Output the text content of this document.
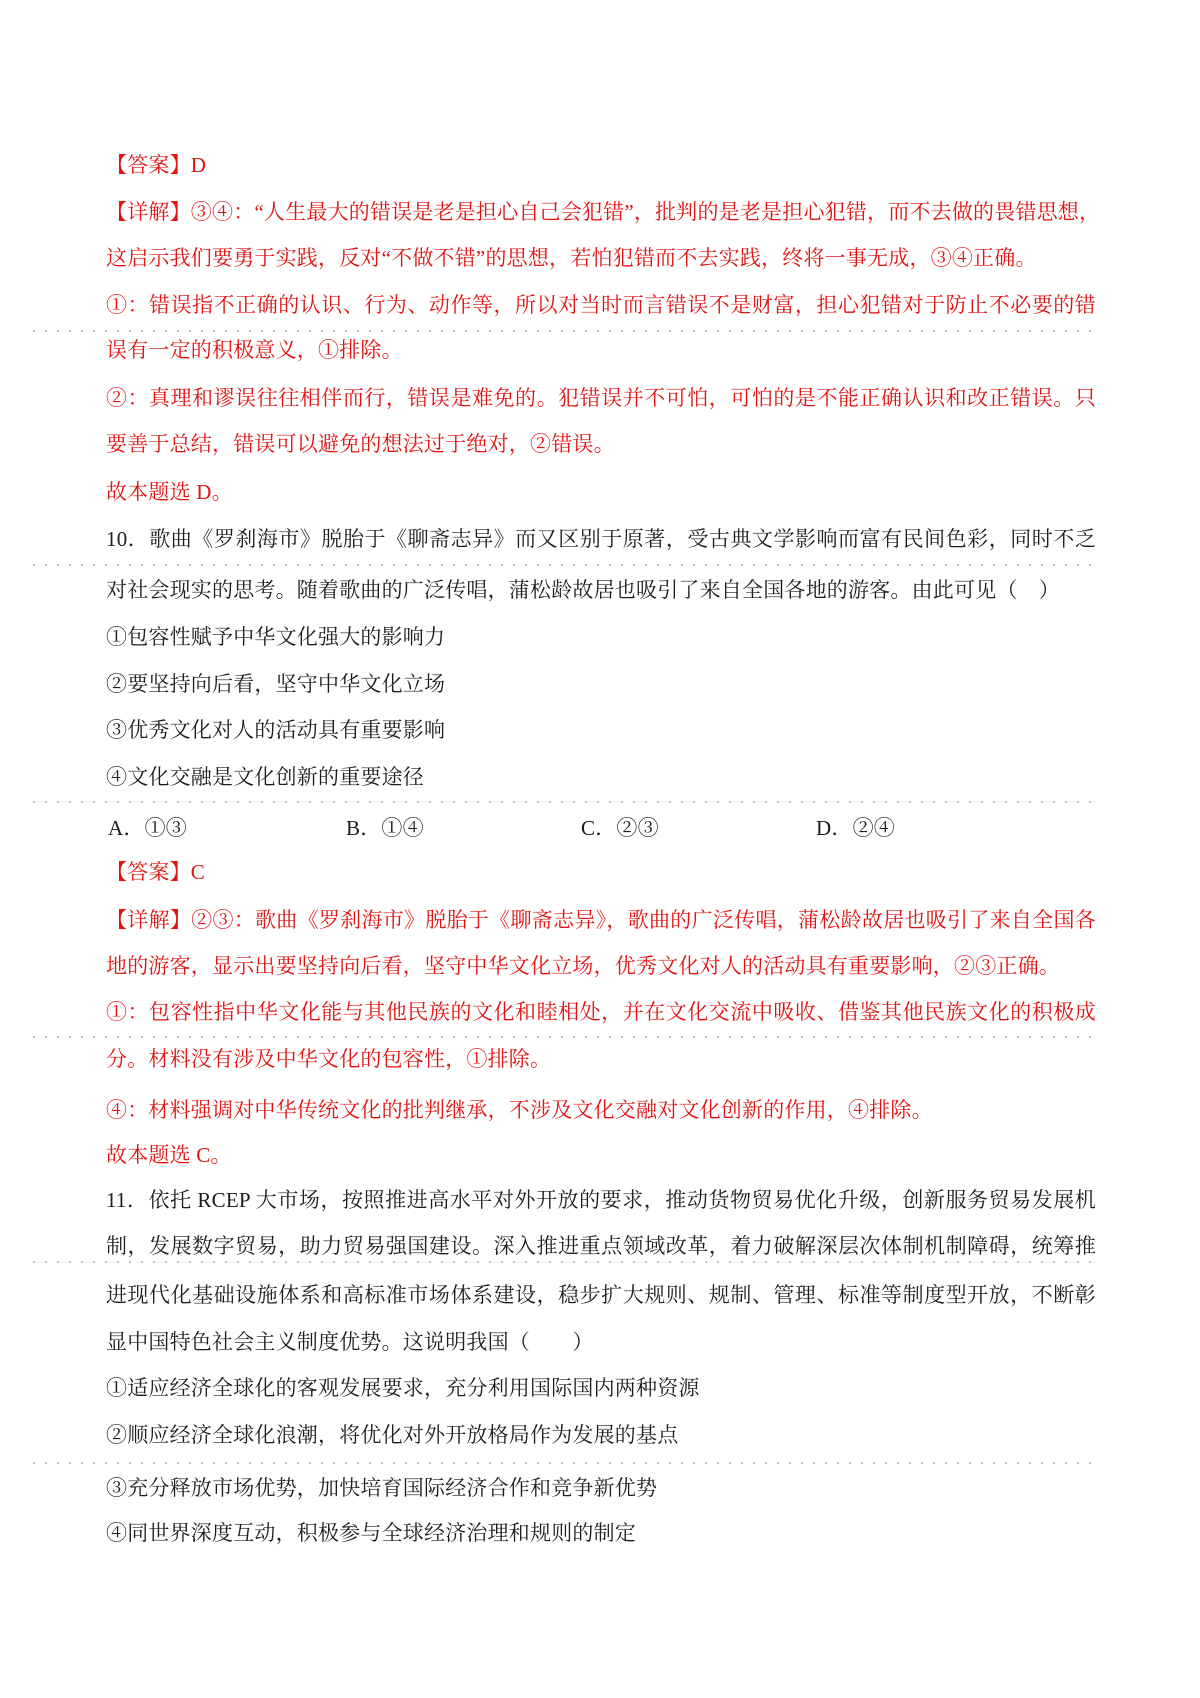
【答案】D
【详解】③④：“人生最大的错误是老是担心自己会犯错”，批判的是老是担心犯错，而不去做的畏错思想，
这启示我们要勇于实践，反对“不做不错”的思想，若怕犯错而不去实践，终将一事无成，③④正确。
①：错误指不正确的认识、行为、动作等，所以对当时而言错误不是财富，担心犯错对于防止不必要的错
误有一定的积极意义，①排除。
②：真理和谬误往往相伴而行，错误是难免的。犯错误并不可怕，可怕的是不能正确认识和改正错误。只
要善于总结，错误可以避免的想法过于绝对，②错误。
故本题选 D。
10．歌曲《罗刹海市》脱胎于《聊斋志异》而又区别于原著，受古典文学影响而富有民间色彩，同时不乏
对社会现实的思考。随着歌曲的广泛传唱，蒲松龄故居也吸引了来自全国各地的游客。由此可见（　）
①包容性赋予中华文化强大的影响力
②要坚持向后看，坚守中华文化立场
③优秀文化对人的活动具有重要影响
④文化交融是文化创新的重要途径
A．①③	B．①④	C．②③	D．②④
【答案】C
【详解】②③：歌曲《罗刹海市》脱胎于《聊斋志异》，歌曲的广泛传唱，蒲松龄故居也吸引了来自全国各
地的游客，显示出要坚持向后看，坚守中华文化立场，优秀文化对人的活动具有重要影响，②③正确。
①：包容性指中华文化能与其他民族的文化和睦相处，并在文化交流中吸收、借鉴其他民族文化的积极成
分。材料没有涉及中华文化的包容性，①排除。
④：材料强调对中华传统文化的批判继承，不涉及文化交融对文化创新的作用，④排除。
故本题选 C。
11．依托 RCEP 大市场，按照推进高水平对外开放的要求，推动货物贸易优化升级，创新服务贸易发展机
制，发展数字贸易，助力贸易强国建设。深入推进重点领域改革，着力破解深层次体制机制障碍，统筹推
进现代化基础设施体系和高标准市场体系建设，稳步扩大规则、规制、管理、标准等制度型开放，不断彰
显中国特色社会主义制度优势。这说明我国（　　）
①适应经济全球化的客观发展要求，充分利用国际国内两种资源
②顺应经济全球化浪潮，将优化对外开放格局作为发展的基点
③充分释放市场优势，加快培育国际经济合作和竞争新优势
④同世界深度互动，积极参与全球经济治理和规则的制定
